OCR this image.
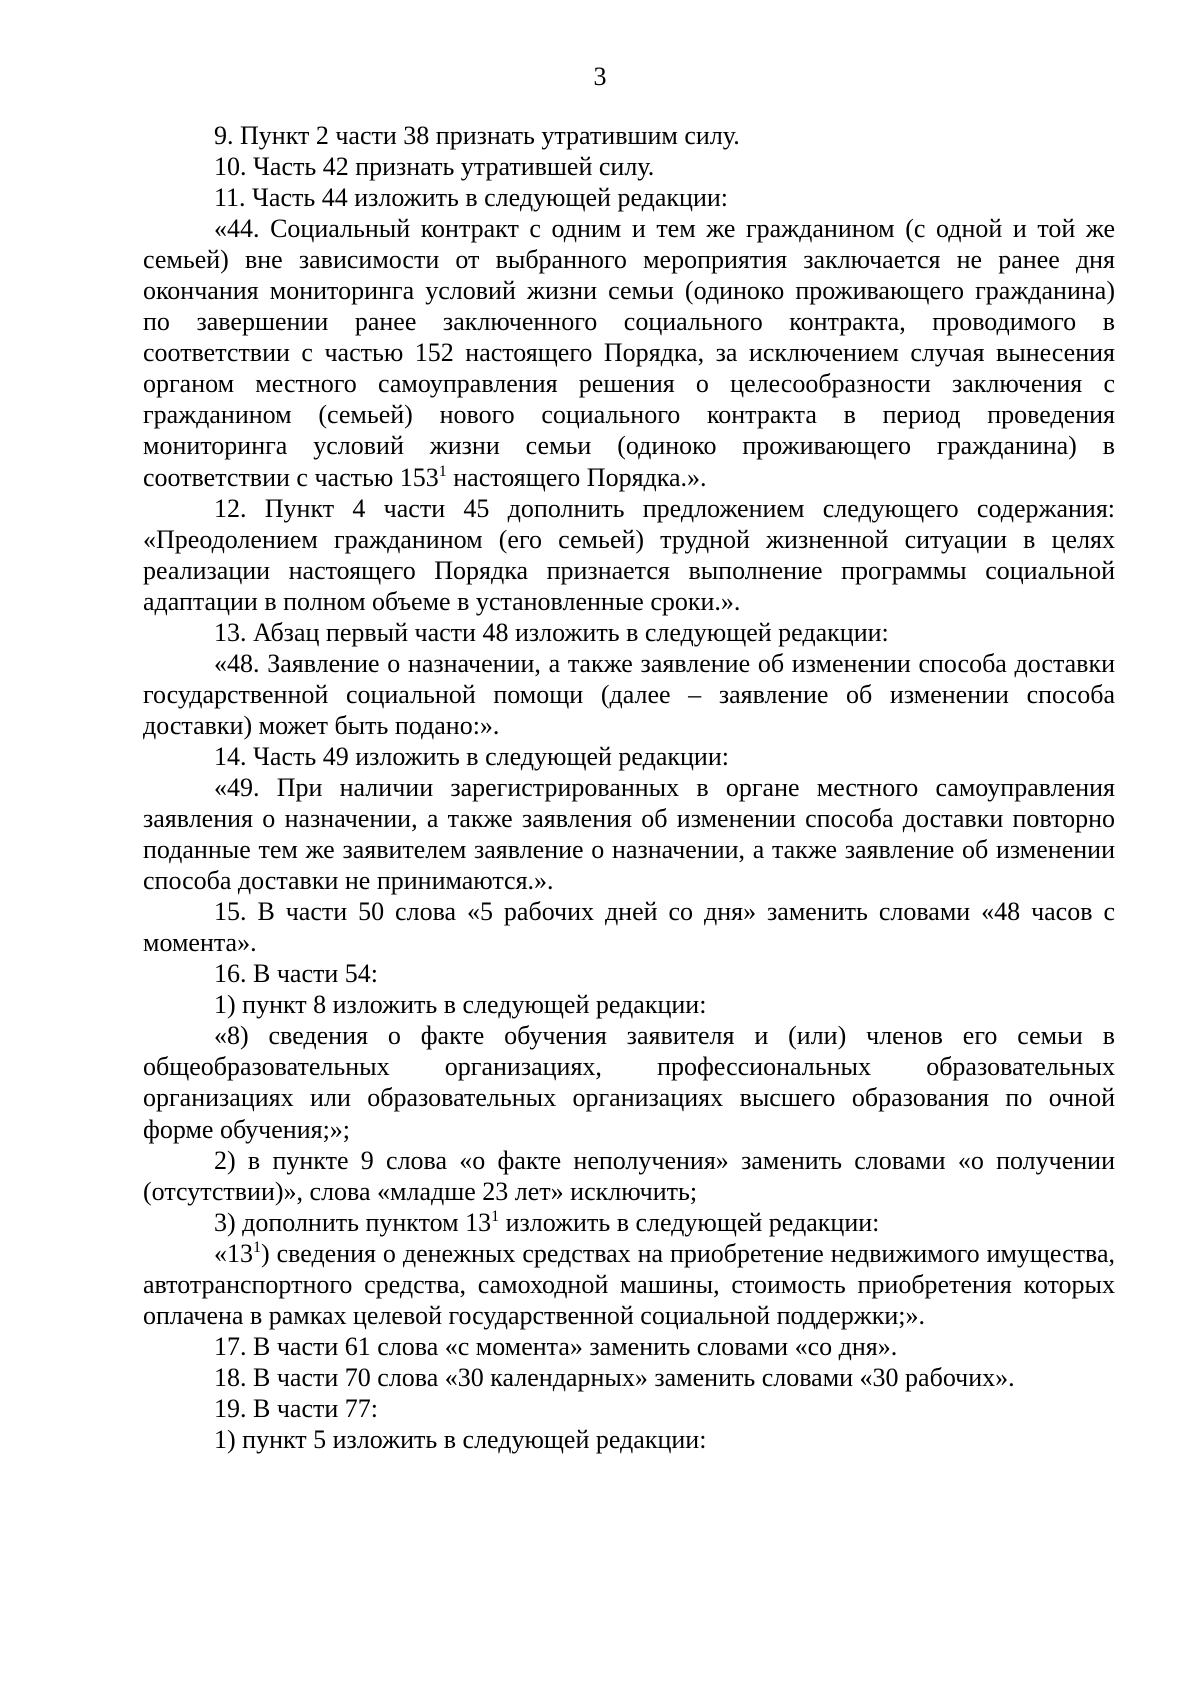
3

9. Пункт 2 части 38 признать утратившим силу.

10. Часть 42 признать утратившей силу.

11. Часть 44 изложить в следующей редакции:

«44. Социальный контракт с одним и тем же гражданином (с одной и той же семьей) вне зависимости от выбранного мероприятия заключается не ранее дня окончания мониторинга условий жизни семьи (одиноко проживающего гражданина) по завершении ранее заключенного социального контракта, проводимого в соответствии с частью 152 настоящего Порядка, за исключением случая вынесения органом местного самоуправления решения о целесообразности заключения с гражданином (семьей) нового социального контракта в период проведения мониторинга условий жизни семьи (одиноко проживающего гражданина) в соответствии с частью $153^1$ настоящего Порядка.».

12. Пункт 4 части 45 дополнить предложением следующего содержания: «Преодолением гражданином (его семьей) трудной жизненной ситуации в целях реализации настоящего Порядка признается выполнение программы социальной адаптации в полном объеме в установленные сроки.».

13. Абзац первый части 48 изложить в следующей редакции:

«48. Заявление о назначении, а также заявление об изменении способа доставки государственной социальной помощи (далее – заявление об изменении способа доставки) может быть подано:».

14. Часть 49 изложить в следующей редакции:

«49. При наличии зарегистрированных в органе местного самоуправления заявления о назначении, а также заявления об изменении способа доставки повторно поданные тем же заявителем заявление о назначении, а также заявление об изменении способа доставки не принимаются.».

15. В части 50 слова «5 рабочих дней со дня» заменить словами «48 часов с момента».

16. В части 54:

1) пункт 8 изложить в следующей редакции:

«8) сведения о факте обучения заявителя и (или) членов его семьи в общеобразовательных организациях, профессиональных образовательных организациях или образовательных организациях высшего образования по очной форме обучения;»;

2) в пункте 9 слова «о факте неполучения» заменить словами «о получении (отсутствии)», слова «младше 23 лет» исключить;

3) дополнить пунктом $13^1$ изложить в следующей редакции:

«$13^1$) сведения о денежных средствах на приобретение недвижимого имущества, автотранспортного средства, самоходной машины, стоимость приобретения которых оплачена в рамках целевой государственной социальной поддержки;».

17. В части 61 слова «с момента» заменить словами «со дня».

18. В части 70 слова «30 календарных» заменить словами «30 рабочих».

19. В части 77:

1) пункт 5 изложить в следующей редакции:
